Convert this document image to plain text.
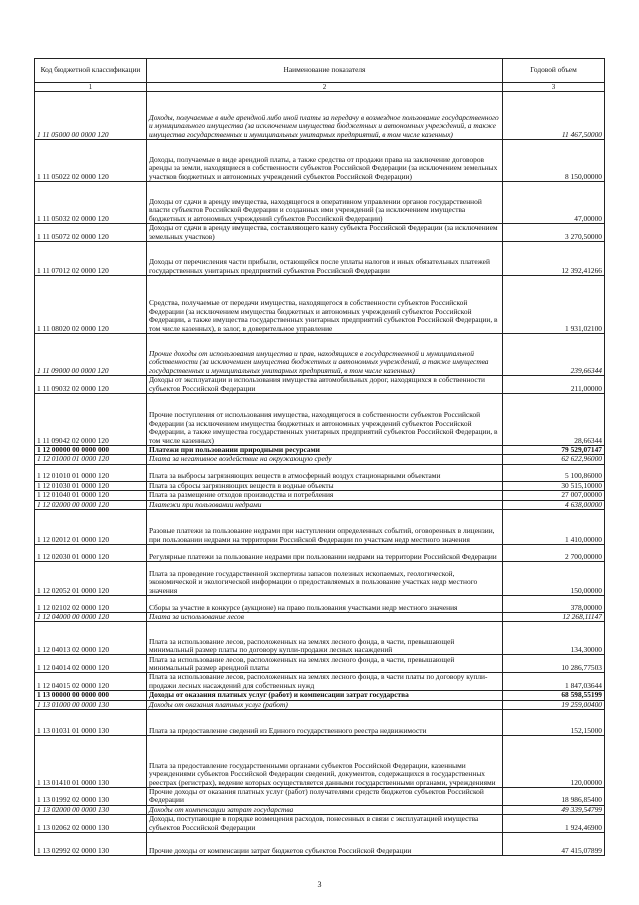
Код бюджетной классификации	Наименование показателя	Годовой объем
1	2	3
1 11 05000 00 0000 120	Доходы, получаемые в виде арендной либо иной платы за передачу в возмездное пользование государственного и муниципального имущества (за исключением имущества бюджетных и автономных учреждений, а также имущества государственных и муниципальных унитарных предприятий, в том числе казенных)	11 467,50000
1 11 05022 02 0000 120	Доходы, получаемые в виде арендной платы, а также средства от продажи права на заключение договоров аренды за земли, находящиеся в собственности субъектов Российской Федерации (за исключением земельных участков бюджетных и автономных учреждений субъектов Российской Федерации)	8 150,00000
1 11 05032 02 0000 120	Доходы от сдачи в аренду имущества, находящегося в оперативном управлении органов государственной власти субъектов Российской Федерации и созданных ими учреждений (за исключением имущества бюджетных и автономных учреждений субъектов Российской Федерации)	47,00000
1 11 05072 02 0000 120	Доходы от сдачи в аренду имущества, составляющего казну субъекта Российской Федерации (за исключением земельных участков)	3 270,50000
1 11 07012 02 0000 120	Доходы от перечисления части прибыли, остающейся после уплаты налогов и иных обязательных платежей государственных унитарных предприятий субъектов Российской Федерации	12 392,41266
1 11 08020 02 0000 120	Средства, получаемые от передачи имущества, находящегося в собственности субъектов Российской Федерации (за исключением имущества бюджетных и автономных учреждений субъектов Российской Федерации, а также имущества государственных унитарных предприятий субъектов Российской Федерации, в том числе казенных), в залог, в доверительное управление	1 931,02100
1 11 09000 00 0000 120	Прочие доходы от использования имущества и прав, находящихся в государственной и муниципальной собственности (за исключением имущества бюджетных и автономных учреждений, а также имущества государственных и муниципальных унитарных предприятий, в том числе казенных)	239,66344
1 11 09032 02 0000 120	Доходы от эксплуатации и использования имущества автомобильных дорог, находящихся в собственности субъектов Российской Федерации	211,00000
1 11 09042 02 0000 120	Прочие поступления от использования имущества, находящегося в собственности субъектов Российской Федерации (за исключением имущества бюджетных и автономных учреждений субъектов Российской Федерации, а также имущества государственных унитарных предприятий субъектов Российской Федерации, в том числе казенных)	28,66344
1 12 00000 00 0000 000	Платежи при пользовании природными ресурсами	79 529,07147
1 12 01000 01 0000 120	Плата за негативное воздействие на окружающую среду	62 622,96000
1 12 01010 01 0000 120	Плата за выбросы загрязняющих веществ в атмосферный воздух стационарными объектами	5 100,86000
1 12 01030 01 0000 120	Плата за сбросы загрязняющих веществ в водные объекты	30 515,10000
1 12 01040 01 0000 120	Плата за размещение отходов производства и потребления	27 007,00000
1 12 02000 00 0000 120	Платежи при пользовании недрами	4 638,00000
1 12 02012 01 0000 120	Разовые платежи за пользование недрами при наступлении определенных событий, оговоренных в лицензии, при пользовании недрами на территории Российской Федерации по участкам недр местного значения	1 410,00000
1 12 02030 01 0000 120	Регулярные платежи за пользование недрами при пользовании недрами на территории Российской Федерации	2 700,00000
1 12 02052 01 0000 120	Плата за проведение государственной экспертизы запасов полезных ископаемых, геологической, экономической и экологической информации о предоставляемых в пользование участках недр местного значения	150,00000
1 12 02102 02 0000 120	Сборы за участие в конкурсе (аукционе) на право пользования участками недр местного значения	378,00000
1 12 04000 00 0000 120	Плата за использование лесов	12 268,11147
1 12 04013 02 0000 120	Плата за использование лесов, расположенных на землях лесного фонда, в части, превышающей минимальный размер платы по договору купли-продажи лесных насаждений	134,30000
1 12 04014 02 0000 120	Плата за использование лесов, расположенных на землях лесного фонда, в части, превышающей минимальный размер арендной платы	10 286,77503
1 12 04015 02 0000 120	Плата за использование лесов, расположенных на землях лесного фонда, в части платы по договору купли-продажи лесных насаждений для собственных нужд	1 847,03644
1 13 00000 00 0000 000	Доходы от оказания платных услуг (работ) и компенсации затрат государства	68 598,55199
1 13 01000 00 0000 130	Доходы от оказания платных услуг (работ)	19 259,00400
1 13 01031 01 0000 130	Плата за предоставление сведений из Единого государственного реестра недвижимости	152,15000
1 13 01410 01 0000 130	Плата за предоставление государственными органами субъектов Российской Федерации, казенными учреждениями субъектов Российской Федерации сведений, документов, содержащихся в государственных реестрах (регистрах), ведение которых осуществляется данными государственными органами, учреждениями	120,00000
1 13 01992 02 0000 130	Прочие доходы от оказания платных услуг (работ) получателями средств бюджетов субъектов Российской Федерации	18 986,85400
1 13 02000 00 0000 130	Доходы от компенсации затрат государства	49 339,54799
1 13 02062 02 0000 130	Доходы, поступающие в порядке возмещения расходов, понесенных в связи с эксплуатацией имущества субъектов Российской Федерации	1 924,46900
1 13 02992 02 0000 130	Прочие доходы от компенсации затрат бюджетов субъектов Российской Федерации	47 415,07899
3
